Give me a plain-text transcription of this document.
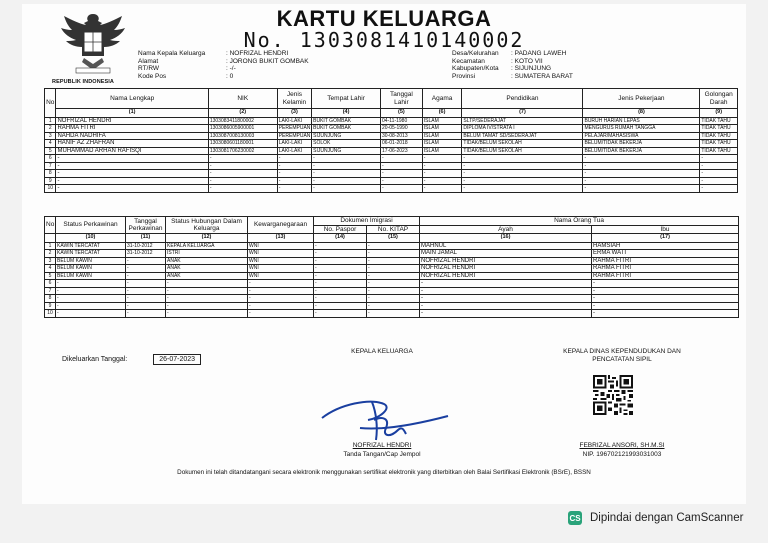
REPUBLIK INDONESIA
KARTU KELUARGA
No. 1303081410140002
Nama Kepala Keluarga	: NOFRIZAL HENDRI
Alamat	: JORONG BUKIT GOMBAK
RT/RW	: -/-
Kode Pos	: 0
Desa/Kelurahan	: PADANG LAWEH
Kecamatan	: KOTO VII
Kabupaten/Kota	: SIJUNJUNG
Provinsi	: SUMATERA BARAT
No	Nama Lengkap	NIK	Jenis Kelamin	Tempat Lahir	Tanggal Lahir	Agama	Pendidikan	Jenis Pekerjaan	Golongan Darah
	(1)	(2)	(3)	(4)	(5)	(6)	(7)	(8)	(9)
1	NOFRIZAL HENDRI	1303083411800002	LAKI-LAKI	BUKIT GOMBAK	04-11-1980	ISLAM	SLTP/SEDERAJAT	BURUH HARIAN LEPAS	TIDAK TAHU
2	RAHMA FITRI	1303086005900001	PEREMPUAN	BUKIT GOMBAK	20-05-1990	ISLAM	DIPLOMA IV/STRATA I	MENGURUS RUMAH TANGGA	TIDAK TAHU
3	NAHDA NADHIFA	1303087008130003	PEREMPUAN	SIJUNJUNG	30-08-2013	ISLAM	BELUM TAMAT SD/SEDERAJAT	PELAJAR/MAHASISWA	TIDAK TAHU
4	HANIF AZ ZHAFRAN	1303080601180001	LAKI-LAKI	SOLOK	06-01-2018	ISLAM	TIDAK/BELUM SEKOLAH	BELUM/TIDAK BEKERJA	TIDAK TAHU
5	MUHAMMAD ARHAN RAFISQI	1303081706230002	LAKI-LAKI	SIJUNJUNG	17-06-2023	ISLAM	TIDAK/BELUM SEKOLAH	BELUM/TIDAK BEKERJA	TIDAK TAHU
6	-	-	-	-	-	-	-	-	-
7	-	-	-	-	-	-	-	-	-
8	-	-	-	-	-	-	-	-	-
9	-	-	-	-	-	-	-	-	-
10	-	-	-	-	-	-	-	-	-
No	Status Perkawinan	Tanggal Perkawinan	Status Hubungan Dalam Keluarga	Kewarganegaraan	Dokumen Imigrasi		Nama Orang Tua	
					No. Paspor	No. KITAP	Ayah	Ibu
	(10)	(11)	(12)	(13)	(14)	(15)	(16)	(17)
1	KAWIN TERCATAT	31-10-2012	KEPALA KELUARGA	WNI	-	-	MAHNUL	HAMSIAH
2	KAWIN TERCATAT	31-10-2012	ISTRI	WNI	-	-	MAIN JAMAL	ERMA WATI
3	BELUM KAWIN	-	ANAK	WNI	-	-	NOFRIZAL HENDRI	RAHMA FITRI
4	BELUM KAWIN	-	ANAK	WNI	-	-	NOFRIZAL HENDRI	RAHMA FITRI
5	BELUM KAWIN	-	ANAK	WNI	-	-	NOFRIZAL HENDRI	RAHMA FITRI
6	-	-	-	-	-	-	-	-
7	-	-	-	-	-	-	-	-
8	-	-	-	-	-	-	-	-
9	-	-	-	-	-	-	-	-
10	-	-	-	-	-	-	-	-
Dikeluarkan Tanggal:	26-07-2023
KEPALA KELUARGA
NOFRIZAL HENDRI
Tanda Tangan/Cap Jempol
KEPALA DINAS KEPENDUDUKAN DAN
PENCATATAN SIPIL
FEBRIZAL ANSORI, SH.M.SI
NIP. 196702121993031003
Dokumen ini telah ditandatangani secara elektronik menggunakan sertifikat elektronik yang diterbitkan oleh Balai Sertifikasi Elektronik (BSrE), BSSN
CS Dipindai dengan CamScanner
